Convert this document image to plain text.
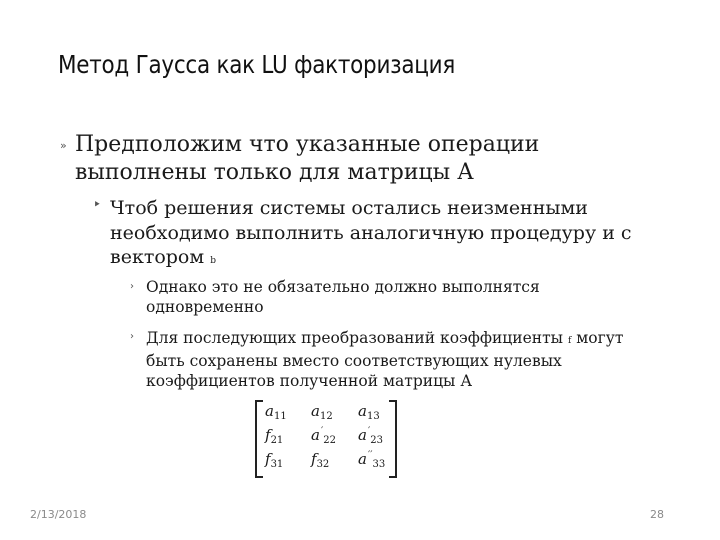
Метод Гаусса как LU факторизация
» Предположим что указанные операции выполнены только для матрицы А
‣ Чтоб решения системы остались неизменными необходимо выполнить аналогичную процедуру и с вектором b
› Однако это не обязательно должно выполнятся одновременно
› Для последующих преобразований коэффициенты f могут быть сохранены вместо соответствующих нулевых коэффициентов полученной матрицы А
$a_{11}$ $a_{12}$ $a_{13}$
$f_{21}$ $a'_{22}$ $a'_{23}$
$f_{31}$ $f_{32}$ $a''_{33}$
2/13/2018	28
